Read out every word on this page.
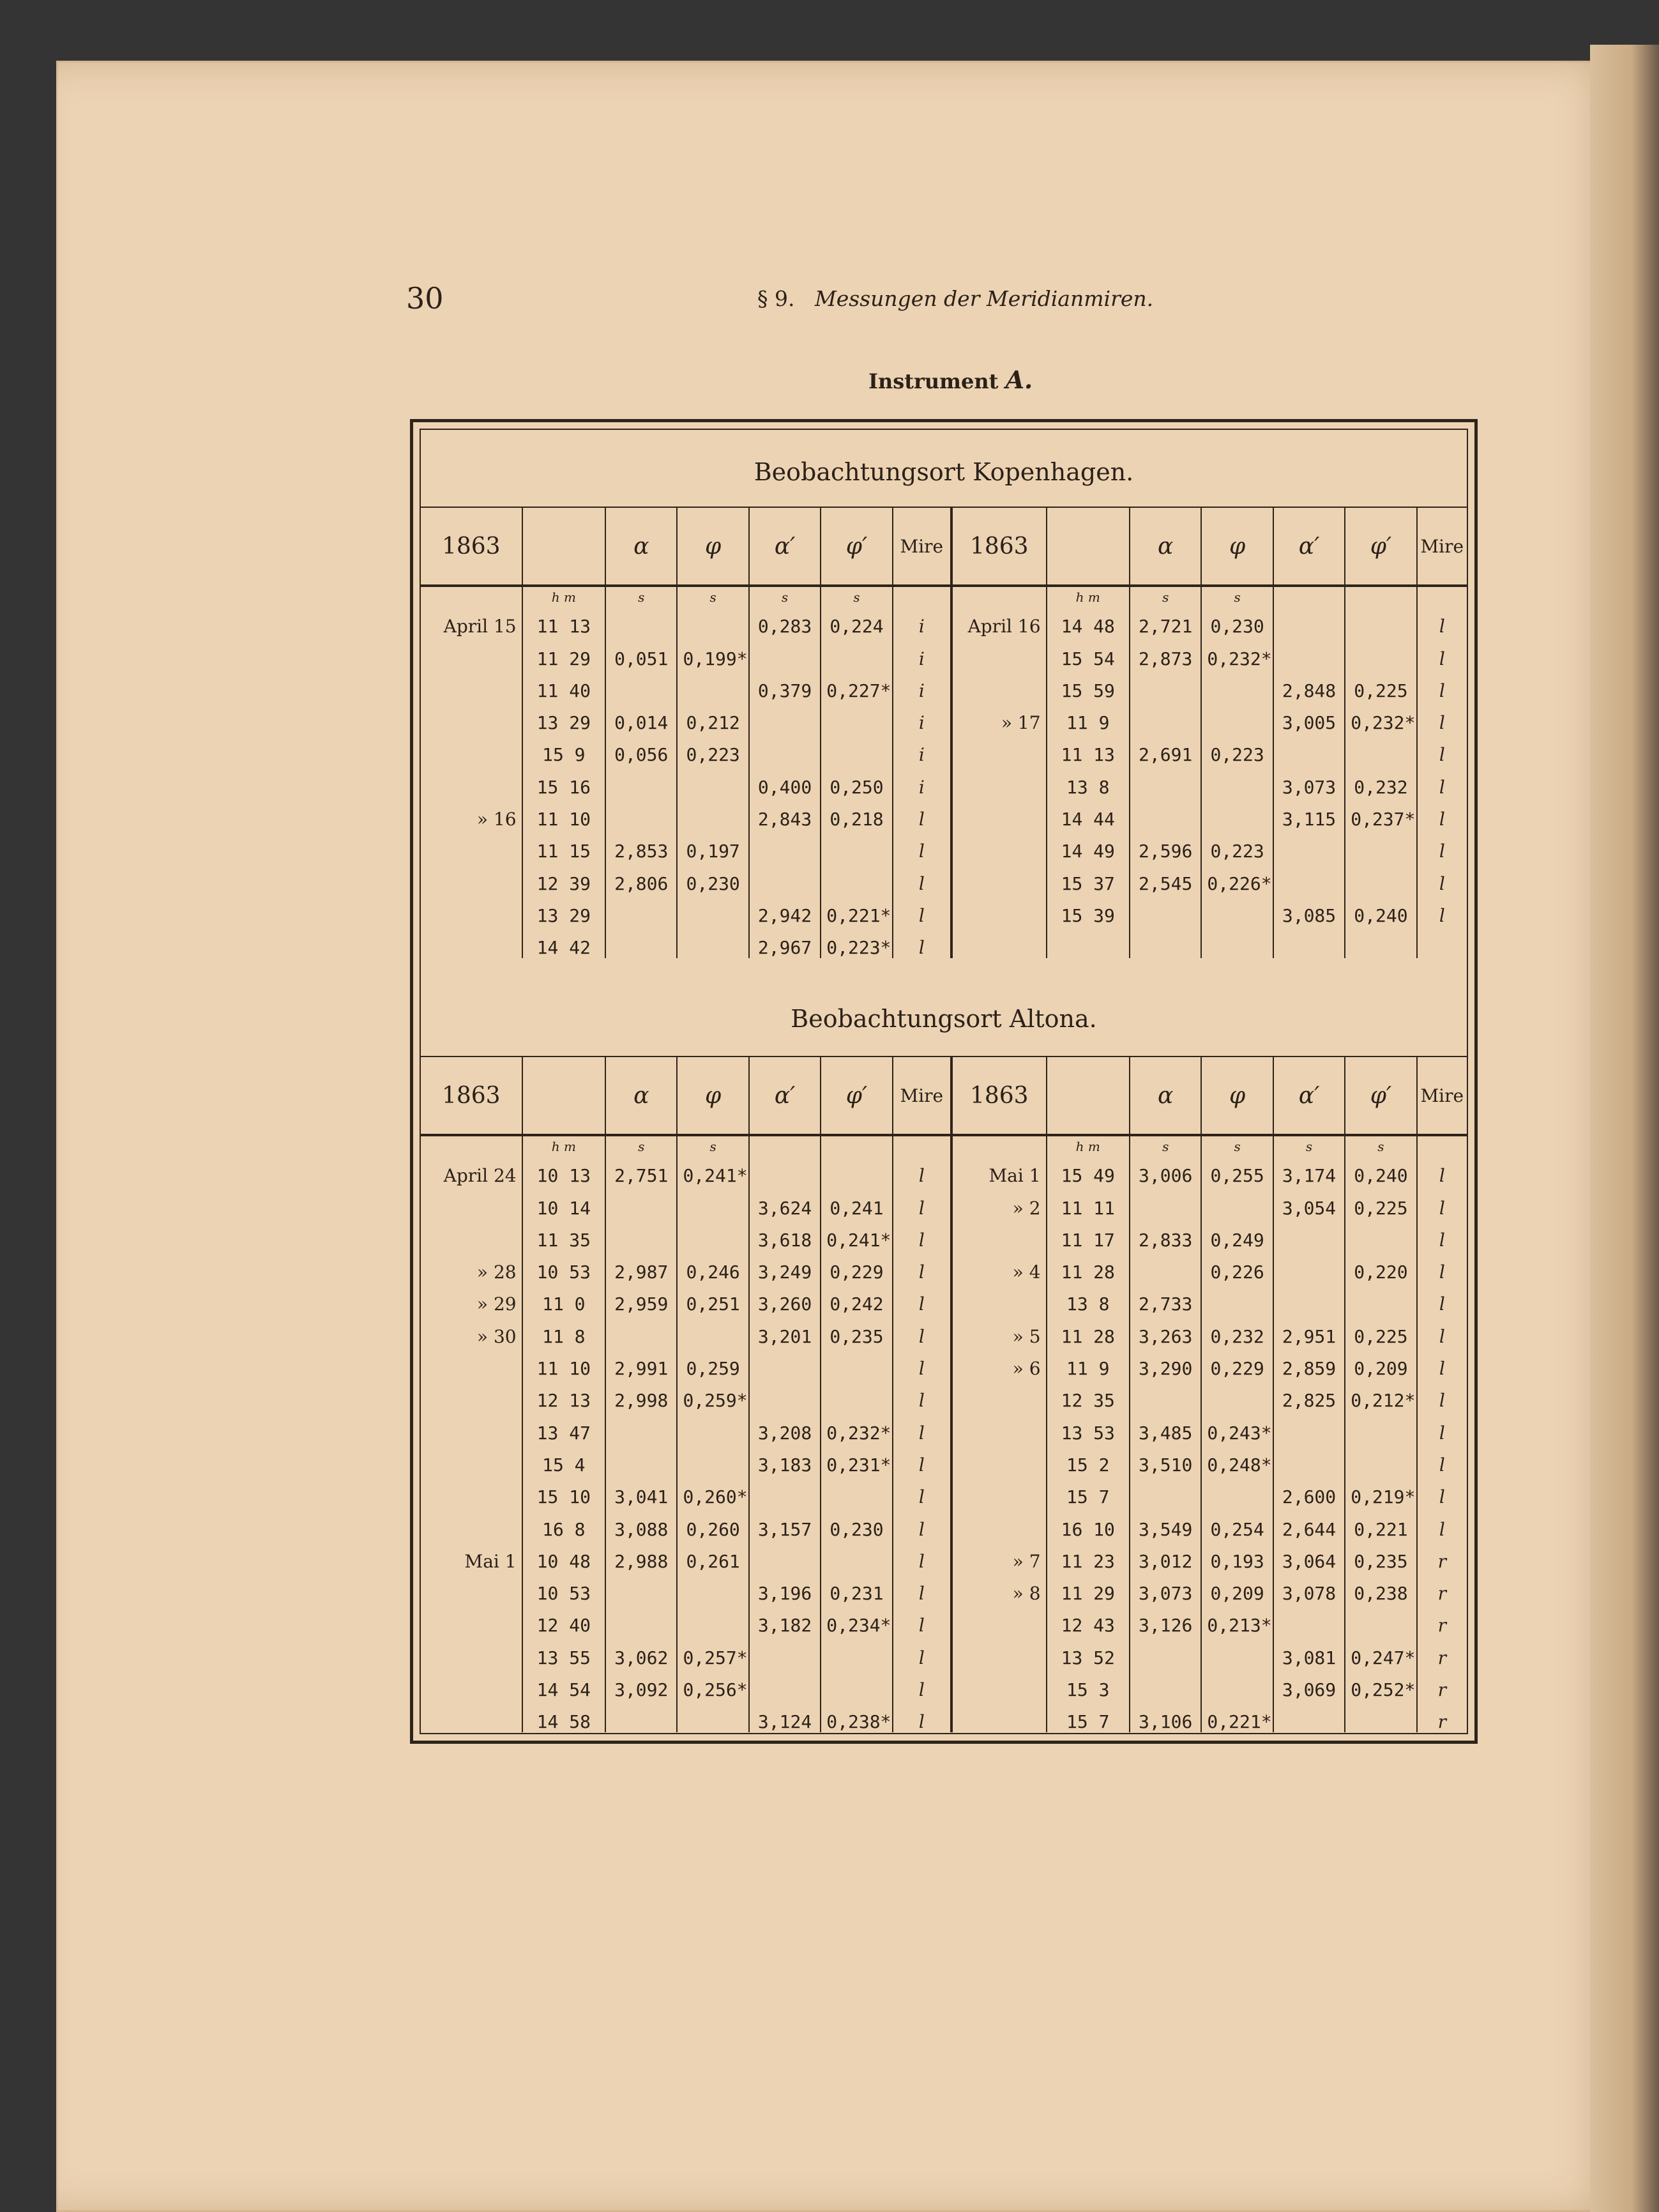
30	§ 9. Messungen der Meridianmiren.
Instrument A.
Beobachtungsort Kopenhagen.
1863		α	φ	α′	φ′	Mire	1863		α	φ	α′	φ′	Mire
	h m	s	s	s	s			h m	s	s			
April 15	11 13			0,283	0,224	i	April 16	14 48	2,721	0,230			l
	11 29	0,051	0,199*			i		15 54	2,873	0,232*			l
	11 40			0,379	0,227*	i		15 59			2,848	0,225	l
	13 29	0,014	0,212			i	» 17	11 9			3,005	0,232*	l
	15 9	0,056	0,223			i		11 13	2,691	0,223			l
	15 16			0,400	0,250	i		13 8			3,073	0,232	l
» 16	11 10			2,843	0,218	l		14 44			3,115	0,237*	l
	11 15	2,853	0,197			l		14 49	2,596	0,223			l
	12 39	2,806	0,230			l		15 37	2,545	0,226*			l
	13 29			2,942	0,221*	l		15 39			3,085	0,240	l
	14 42			2,967	0,223*	l							
Beobachtungsort Altona.
1863		α	φ	α′	φ′	Mire	1863		α	φ	α′	φ′	Mire
	h m	s	s					h m	s	s	s	s	
April 24	10 13	2,751	0,241*			l	Mai 1	15 49	3,006	0,255	3,174	0,240	l
	10 14			3,624	0,241	l	» 2	11 11			3,054	0,225	l
	11 35			3,618	0,241*	l		11 17	2,833	0,249			l
» 28	10 53	2,987	0,246	3,249	0,229	l	» 4	11 28		0,226		0,220	l
» 29	11 0	2,959	0,251	3,260	0,242	l		13 8	2,733				l
» 30	11 8			3,201	0,235	l	» 5	11 28	3,263	0,232	2,951	0,225	l
	11 10	2,991	0,259			l	» 6	11 9	3,290	0,229	2,859	0,209	l
	12 13	2,998	0,259*			l		12 35			2,825	0,212*	l
	13 47			3,208	0,232*	l		13 53	3,485	0,243*			l
	15 4			3,183	0,231*	l		15 2	3,510	0,248*			l
	15 10	3,041	0,260*			l		15 7			2,600	0,219*	l
	16 8	3,088	0,260	3,157	0,230	l		16 10	3,549	0,254	2,644	0,221	l
Mai 1	10 48	2,988	0,261			l	» 7	11 23	3,012	0,193	3,064	0,235	r
	10 53			3,196	0,231	l	» 8	11 29	3,073	0,209	3,078	0,238	r
	12 40			3,182	0,234*	l		12 43	3,126	0,213*			r
	13 55	3,062	0,257*			l		13 52			3,081	0,247*	r
	14 54	3,092	0,256*			l		15 3			3,069	0,252*	r
	14 58			3,124	0,238*	l		15 7	3,106	0,221*			r
